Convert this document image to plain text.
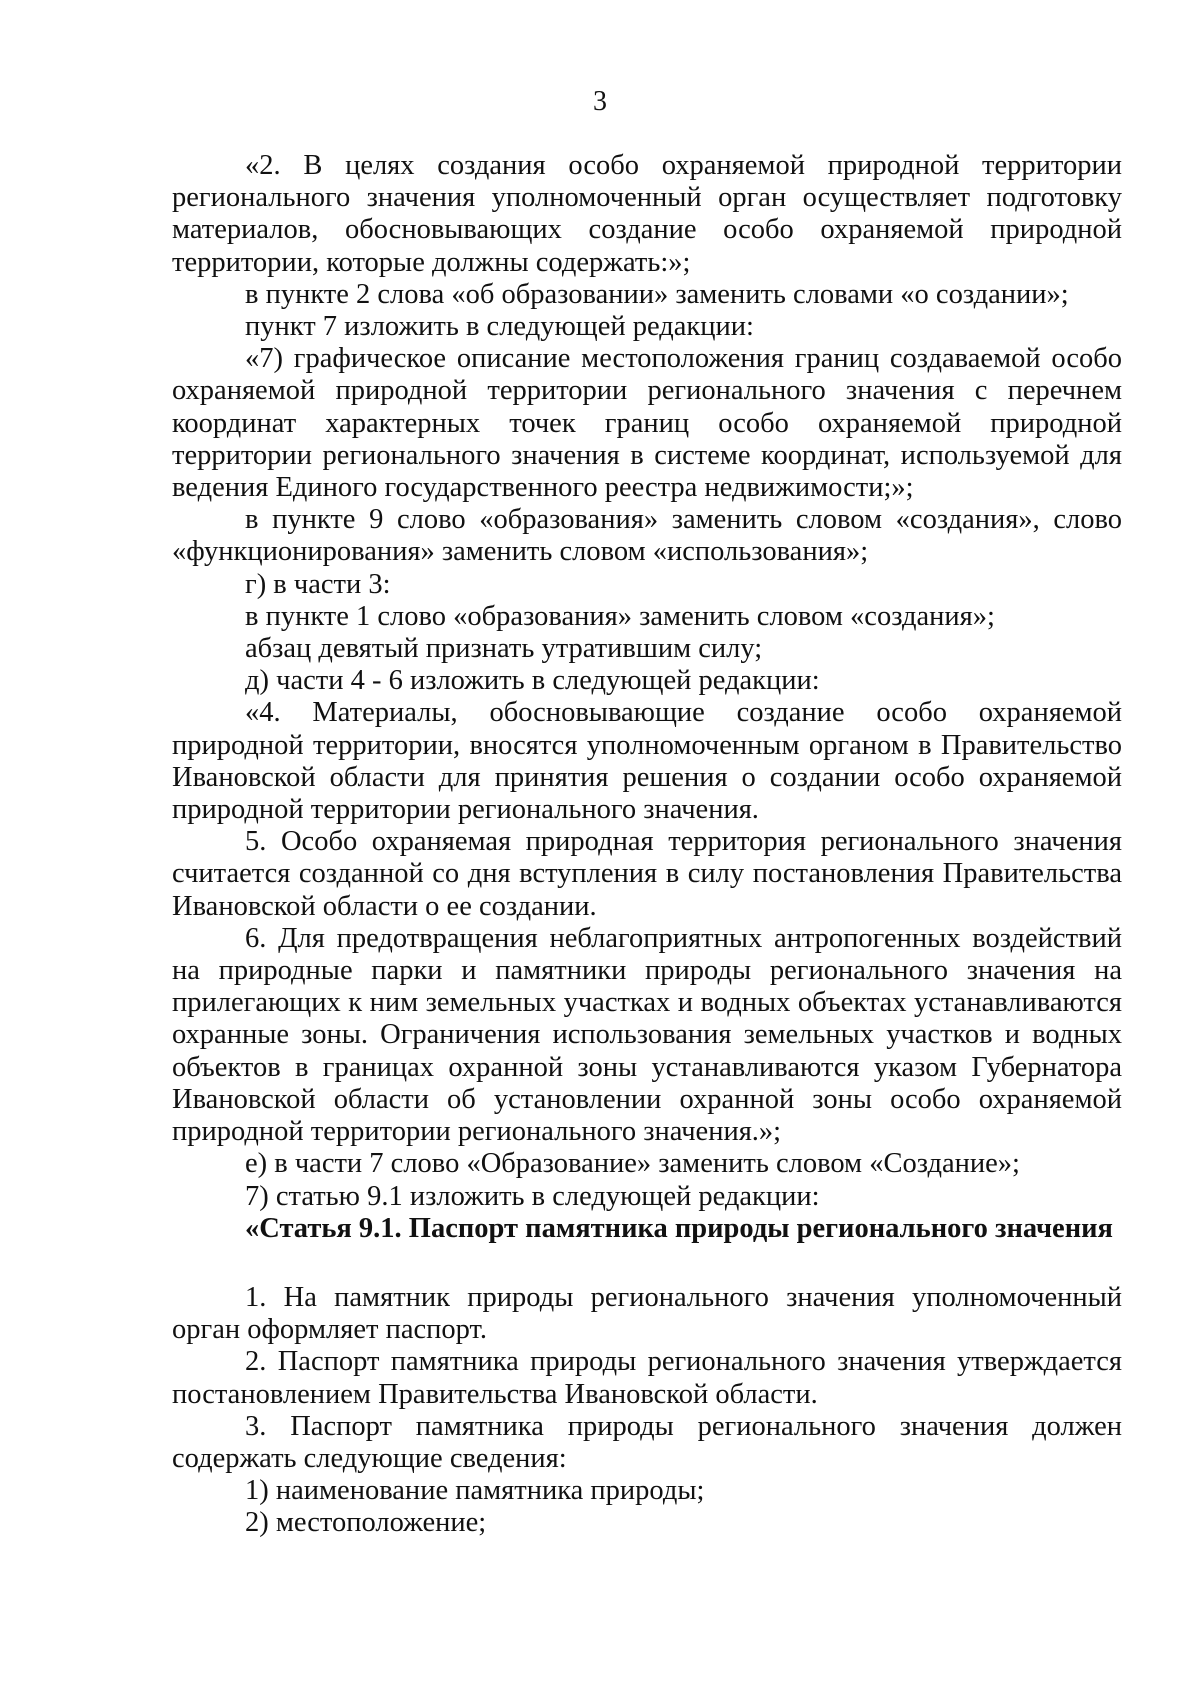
3

«2. В целях создания особо охраняемой природной территории регионального значения уполномоченный орган осуществляет подготовку материалов, обосновывающих создание особо охраняемой природной территории, которые должны содержать:»;

в пункте 2 слова «об образовании» заменить словами «о создании»;

пункт 7 изложить в следующей редакции:

«7) графическое описание местоположения границ создаваемой особо охраняемой природной территории регионального значения с перечнем координат характерных точек границ особо охраняемой природной территории регионального значения в системе координат, используемой для ведения Единого государственного реестра недвижимости;»;

в пункте 9 слово «образования» заменить словом «создания», слово «функционирования» заменить словом «использования»;

г) в части 3:

в пункте 1 слово «образования» заменить словом «создания»;

абзац девятый признать утратившим силу;

д) части 4 - 6 изложить в следующей редакции:

«4. Материалы, обосновывающие создание особо охраняемой природной территории, вносятся уполномоченным органом в Правительство Ивановской области для принятия решения о создании особо охраняемой природной территории регионального значения.

5. Особо охраняемая природная территория регионального значения считается созданной со дня вступления в силу постановления Правительства Ивановской области о ее создании.

6. Для предотвращения неблагоприятных антропогенных воздействий на природные парки и памятники природы регионального значения на прилегающих к ним земельных участках и водных объектах устанавливаются охранные зоны. Ограничения использования земельных участков и водных объектов в границах охранной зоны устанавливаются указом Губернатора Ивановской области об установлении охранной зоны особо охраняемой природной территории регионального значения.»;

е) в части 7 слово «Образование» заменить словом «Создание»;

7) статью 9.1 изложить в следующей редакции:

«Статья 9.1. Паспорт памятника природы регионального значения

1. На памятник природы регионального значения уполномоченный орган оформляет паспорт.

2. Паспорт памятника природы регионального значения утверждается постановлением Правительства Ивановской области.

3. Паспорт памятника природы регионального значения должен содержать следующие сведения:

1) наименование памятника природы;

2) местоположение;
